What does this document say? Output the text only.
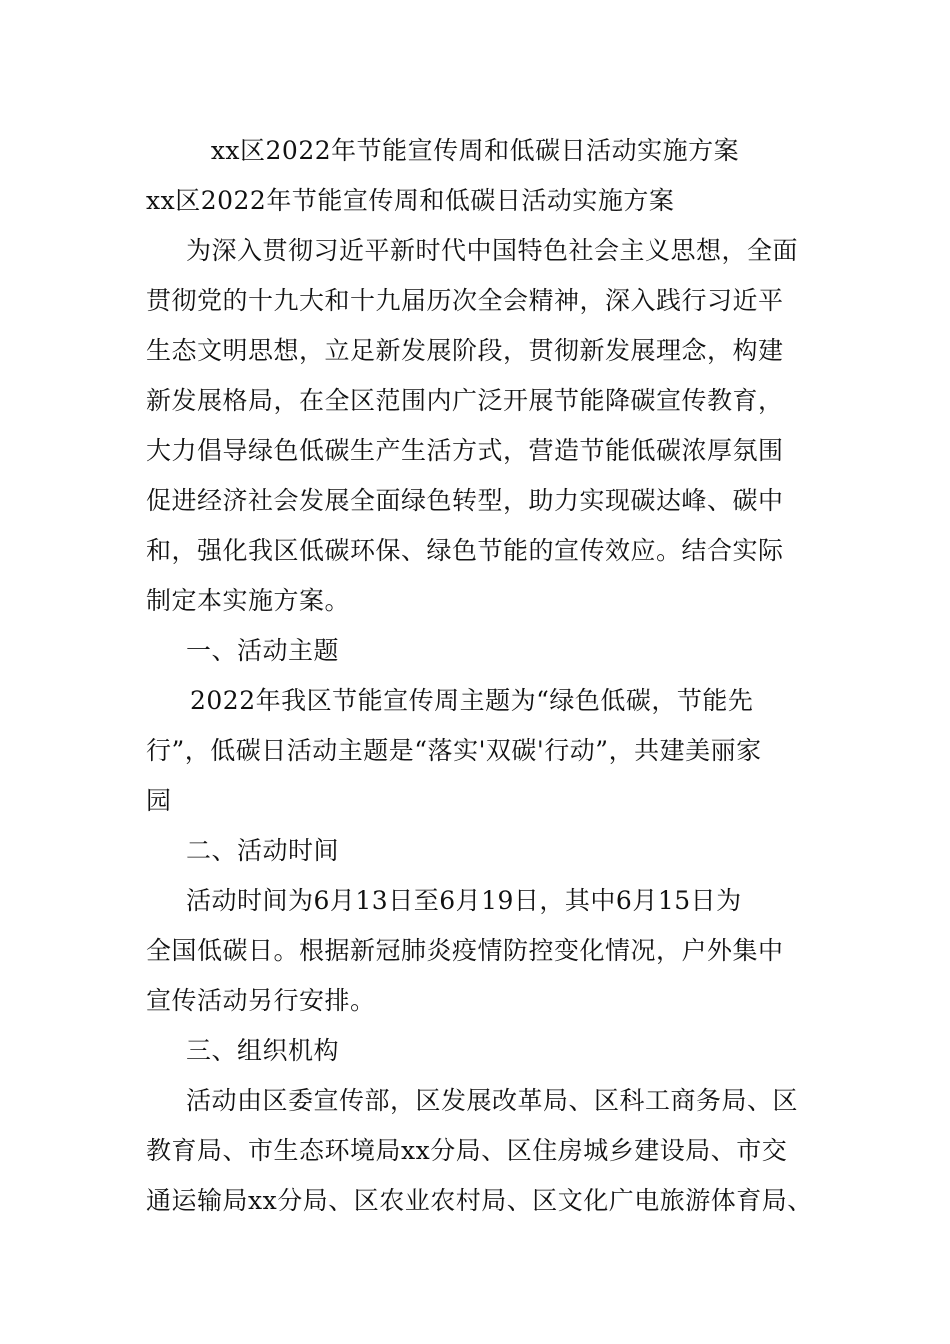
xx区2022年节能宣传周和低碳日活动实施方案
xx区2022年节能宣传周和低碳日活动实施方案
为深入贯彻习近平新时代中国特色社会主义思想，全面
贯彻党的十九大和十九届历次全会精神，深入践行习近平
生态文明思想，立足新发展阶段，贯彻新发展理念，构建
新发展格局，在全区范围内广泛开展节能降碳宣传教育，
大力倡导绿色低碳生产生活方式，营造节能低碳浓厚氛围
促进经济社会发展全面绿色转型，助力实现碳达峰、碳中
和，强化我区低碳环保、绿色节能的宣传效应。结合实际
制定本实施方案。
一、活动主题
2022年我区节能宣传周主题为“绿色低碳，节能先
行”，低碳日活动主题是“落实'双碳'行动”，共建美丽家
园
二、活动时间
活动时间为6月13日至6月19日，其中6月15日为
全国低碳日。根据新冠肺炎疫情防控变化情况，户外集中
宣传活动另行安排。
三、组织机构
活动由区委宣传部，区发展改革局、区科工商务局、区
教育局、市生态环境局xx分局、区住房城乡建设局、市交
通运输局xx分局、区农业农村局、区文化广电旅游体育局、
